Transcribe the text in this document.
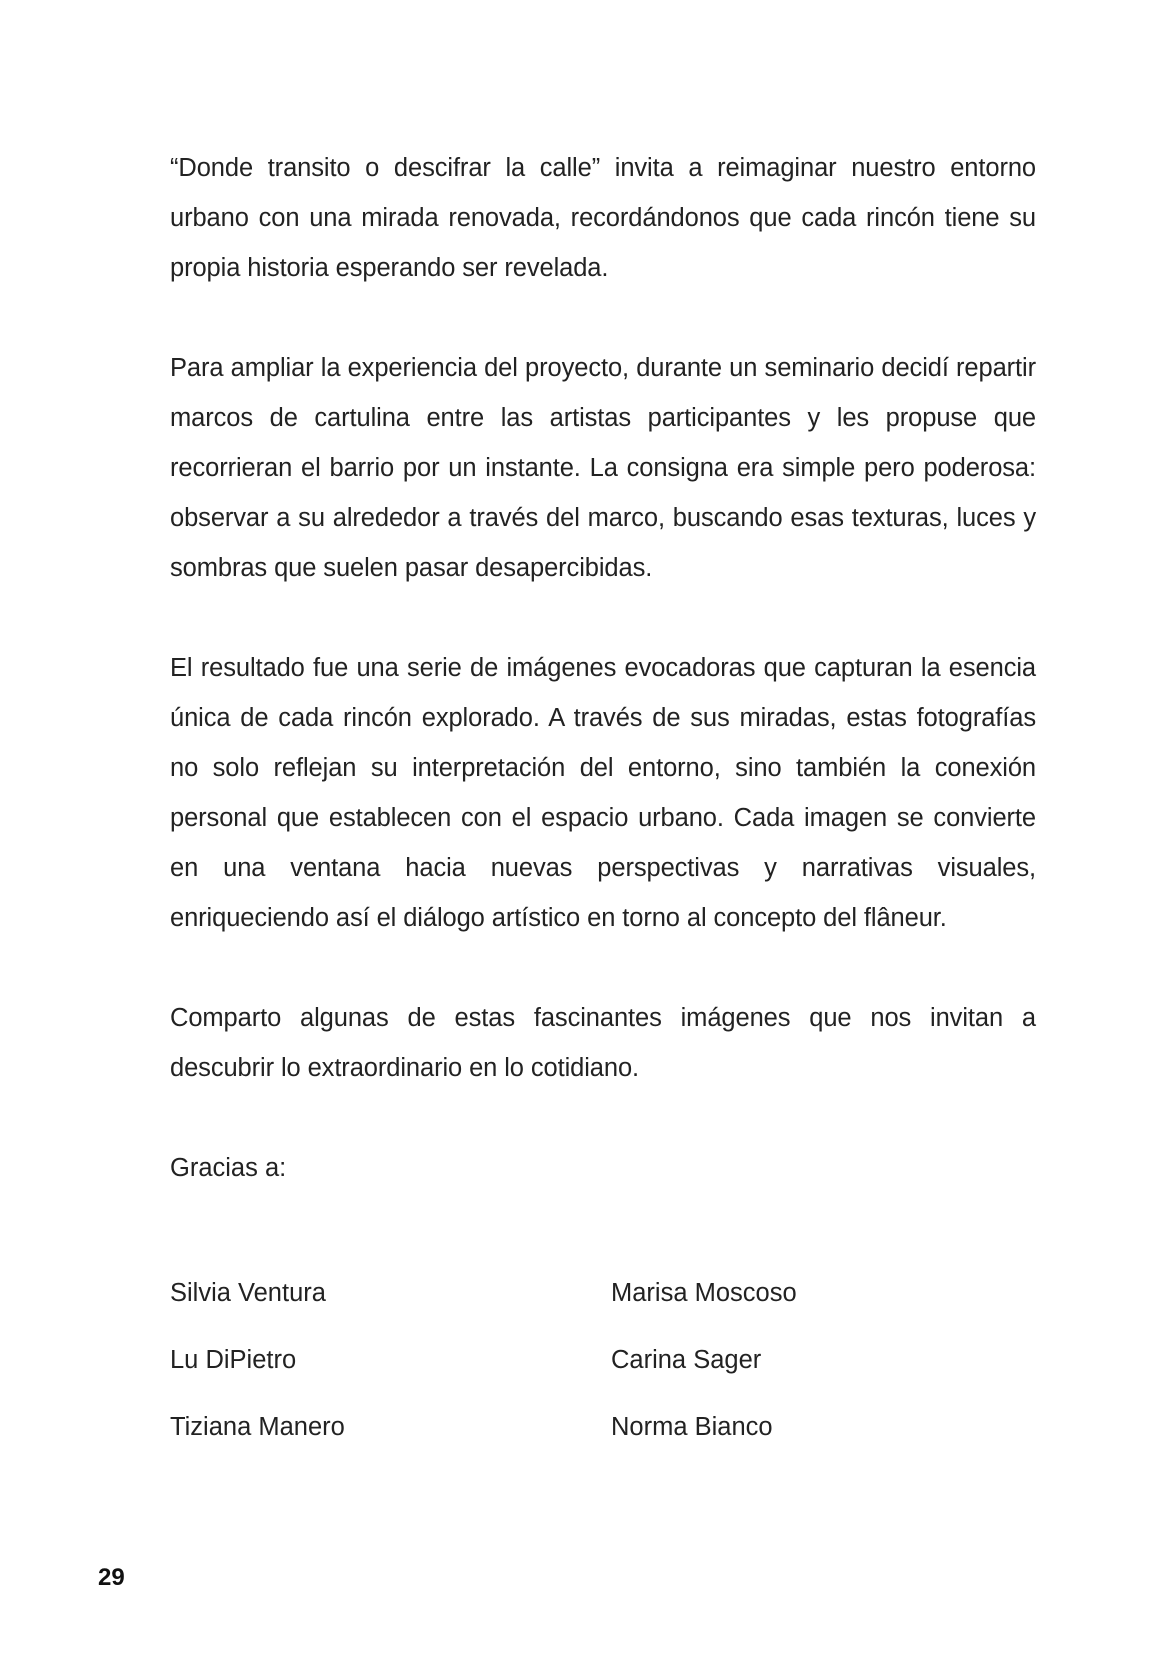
“Donde transito o descifrar la calle” invita a reimaginar nuestro entorno urbano con una mirada renovada, recordándonos que cada rincón tiene su propia historia esperando ser revelada.

Para ampliar la experiencia del proyecto, durante un seminario decidí repartir marcos de cartulina entre las artistas participantes y les propuse que recorrieran el barrio por un instante. La consigna era simple pero poderosa: observar a su alrededor a través del marco, buscando esas texturas, luces y sombras que suelen pasar desapercibidas.

El resultado fue una serie de imágenes evocadoras que capturan la esencia única de cada rincón explorado. A través de sus miradas, estas fotografías no solo reflejan su interpretación del entorno, sino también la conexión personal que establecen con el espacio urbano. Cada imagen se convierte en una ventana hacia nuevas perspectivas y narrativas visuales, enriqueciendo así el diálogo artístico en torno al concepto del flâneur.

Comparto algunas de estas fascinantes imágenes que nos invitan a descubrir lo extraordinario en lo cotidiano.

Gracias a:

Silvia Ventura	Marisa Moscoso
Lu DiPietro	Carina Sager
Tiziana Manero	Norma Bianco
29
